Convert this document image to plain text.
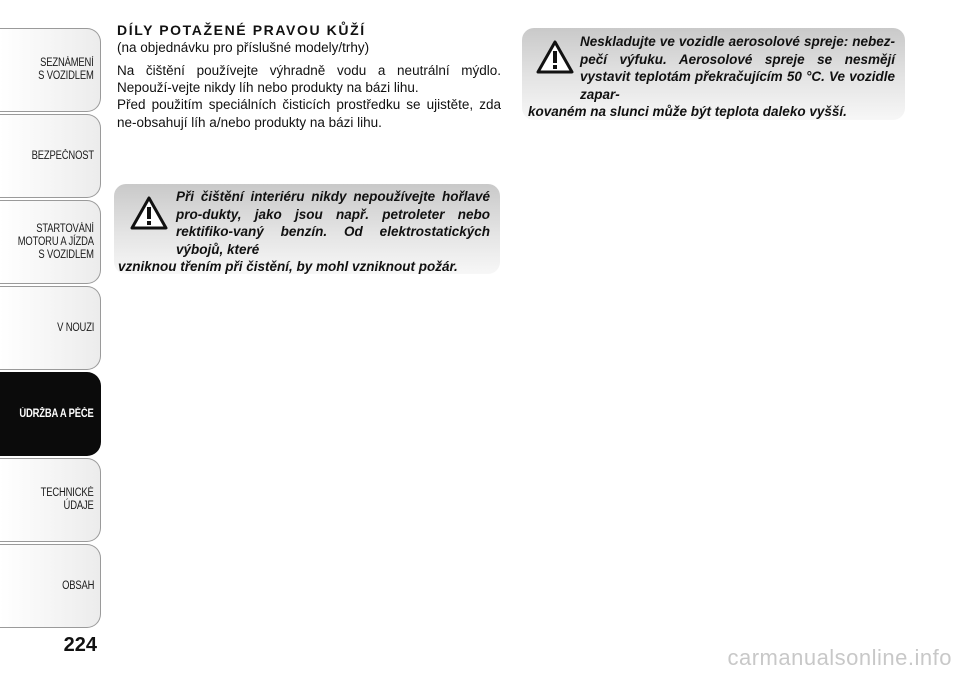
SEZNÁMENÍ
S VOZIDLEM
BEZPEČNOST
STARTOVÁNÍ
MOTORU A JÍZDA
S VOZIDLEM
V NOUZI
ÚDRŽBA A PÉČE
TECHNICKÉ
ÚDAJE
OBSAH
224

DÍLY POTAŽENÉ PRAVOU KŮŽÍ

(na objednávku pro příslušné modely/trhy)

Na čištění používejte výhradně vodu a neutrální mýdlo. Nepouží-vejte nikdy líh nebo produkty na bázi lihu.

Před použitím speciálních čisticích prostředku se ujistěte, zda ne-obsahují líh a/nebo produkty na bázi lihu.

Při čištění interiéru nikdy nepoužívejte hořlavé pro-dukty, jako jsou např. petroleter nebo rektifiko-vaný benzín. Od elektrostatických výbojů, které
vzniknou třením při čistění, by mohl vzniknout požár.
Neskladujte ve vozidle aerosolové spreje: nebez-pečí výfuku. Aerosolové spreje se nesmějí vystavit teplotám překračujícím 50 °C. Ve vozidle zapar-
kovaném na slunci může být teplota daleko vyšší.
carmanualsonline.info
